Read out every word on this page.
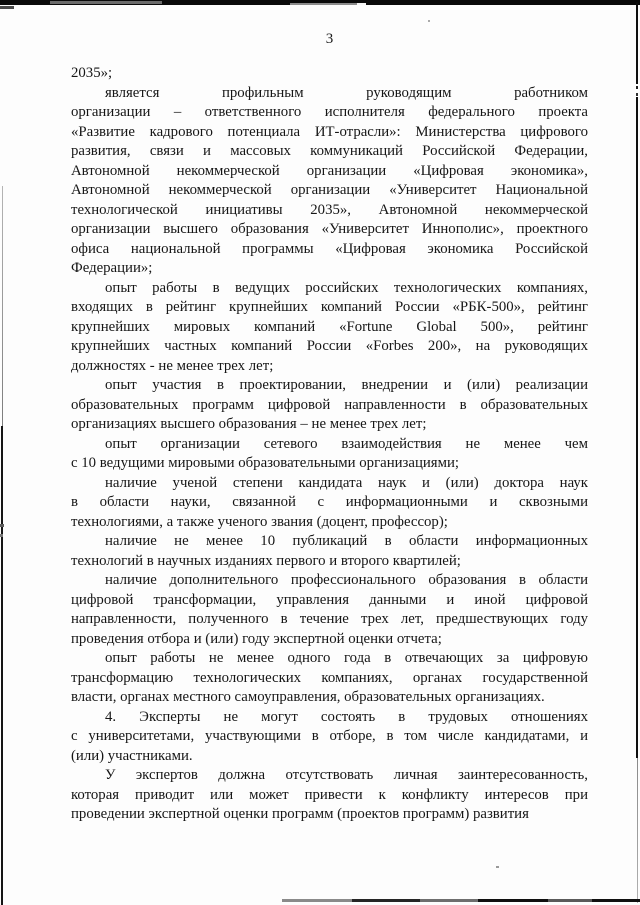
3
2035»;
является профильным руководящим работником
организации – ответственного исполнителя федерального проекта
«Развитие кадрового потенциала ИТ-отрасли»: Министерства цифрового
развития, связи и массовых коммуникаций Российской Федерации,
Автономной некоммерческой организации «Цифровая экономика»,
Автономной некоммерческой организации «Университет Национальной
технологической инициативы 2035», Автономной некоммерческой
организации высшего образования «Университет Иннополис», проектного
офиса национальной программы «Цифровая экономика Российской
Федерации»;
опыт работы в ведущих российских технологических компаниях,
входящих в рейтинг крупнейших компаний России «РБК-500», рейтинг
крупнейших мировых компаний «Fortune Global 500», рейтинг
крупнейших частных компаний России «Forbes 200», на руководящих
должностях - не менее трех лет;
опыт участия в проектировании, внедрении и (или) реализации
образовательных программ цифровой направленности в образовательных
организациях высшего образования – не менее трех лет;
опыт организации сетевого взаимодействия не менее чем
с 10 ведущими мировыми образовательными организациями;
наличие ученой степени кандидата наук и (или) доктора наук
в области науки, связанной с информационными и сквозными
технологиями, а также ученого звания (доцент, профессор);
наличие не менее 10 публикаций в области информационных
технологий в научных изданиях первого и второго квартилей;
наличие дополнительного профессионального образования в области
цифровой трансформации, управления данными и иной цифровой
направленности, полученного в течение трех лет, предшествующих году
проведения отбора и (или) году экспертной оценки отчета;
опыт работы не менее одного года в отвечающих за цифровую
трансформацию технологических компаниях, органах государственной
власти, органах местного самоуправления, образовательных организациях.
4. Эксперты не могут состоять в трудовых отношениях
с университетами, участвующими в отборе, в том числе кандидатами, и
(или) участниками.
У экспертов должна отсутствовать личная заинтересованность,
которая приводит или может привести к конфликту интересов при
проведении экспертной оценки программ (проектов программ) развития
